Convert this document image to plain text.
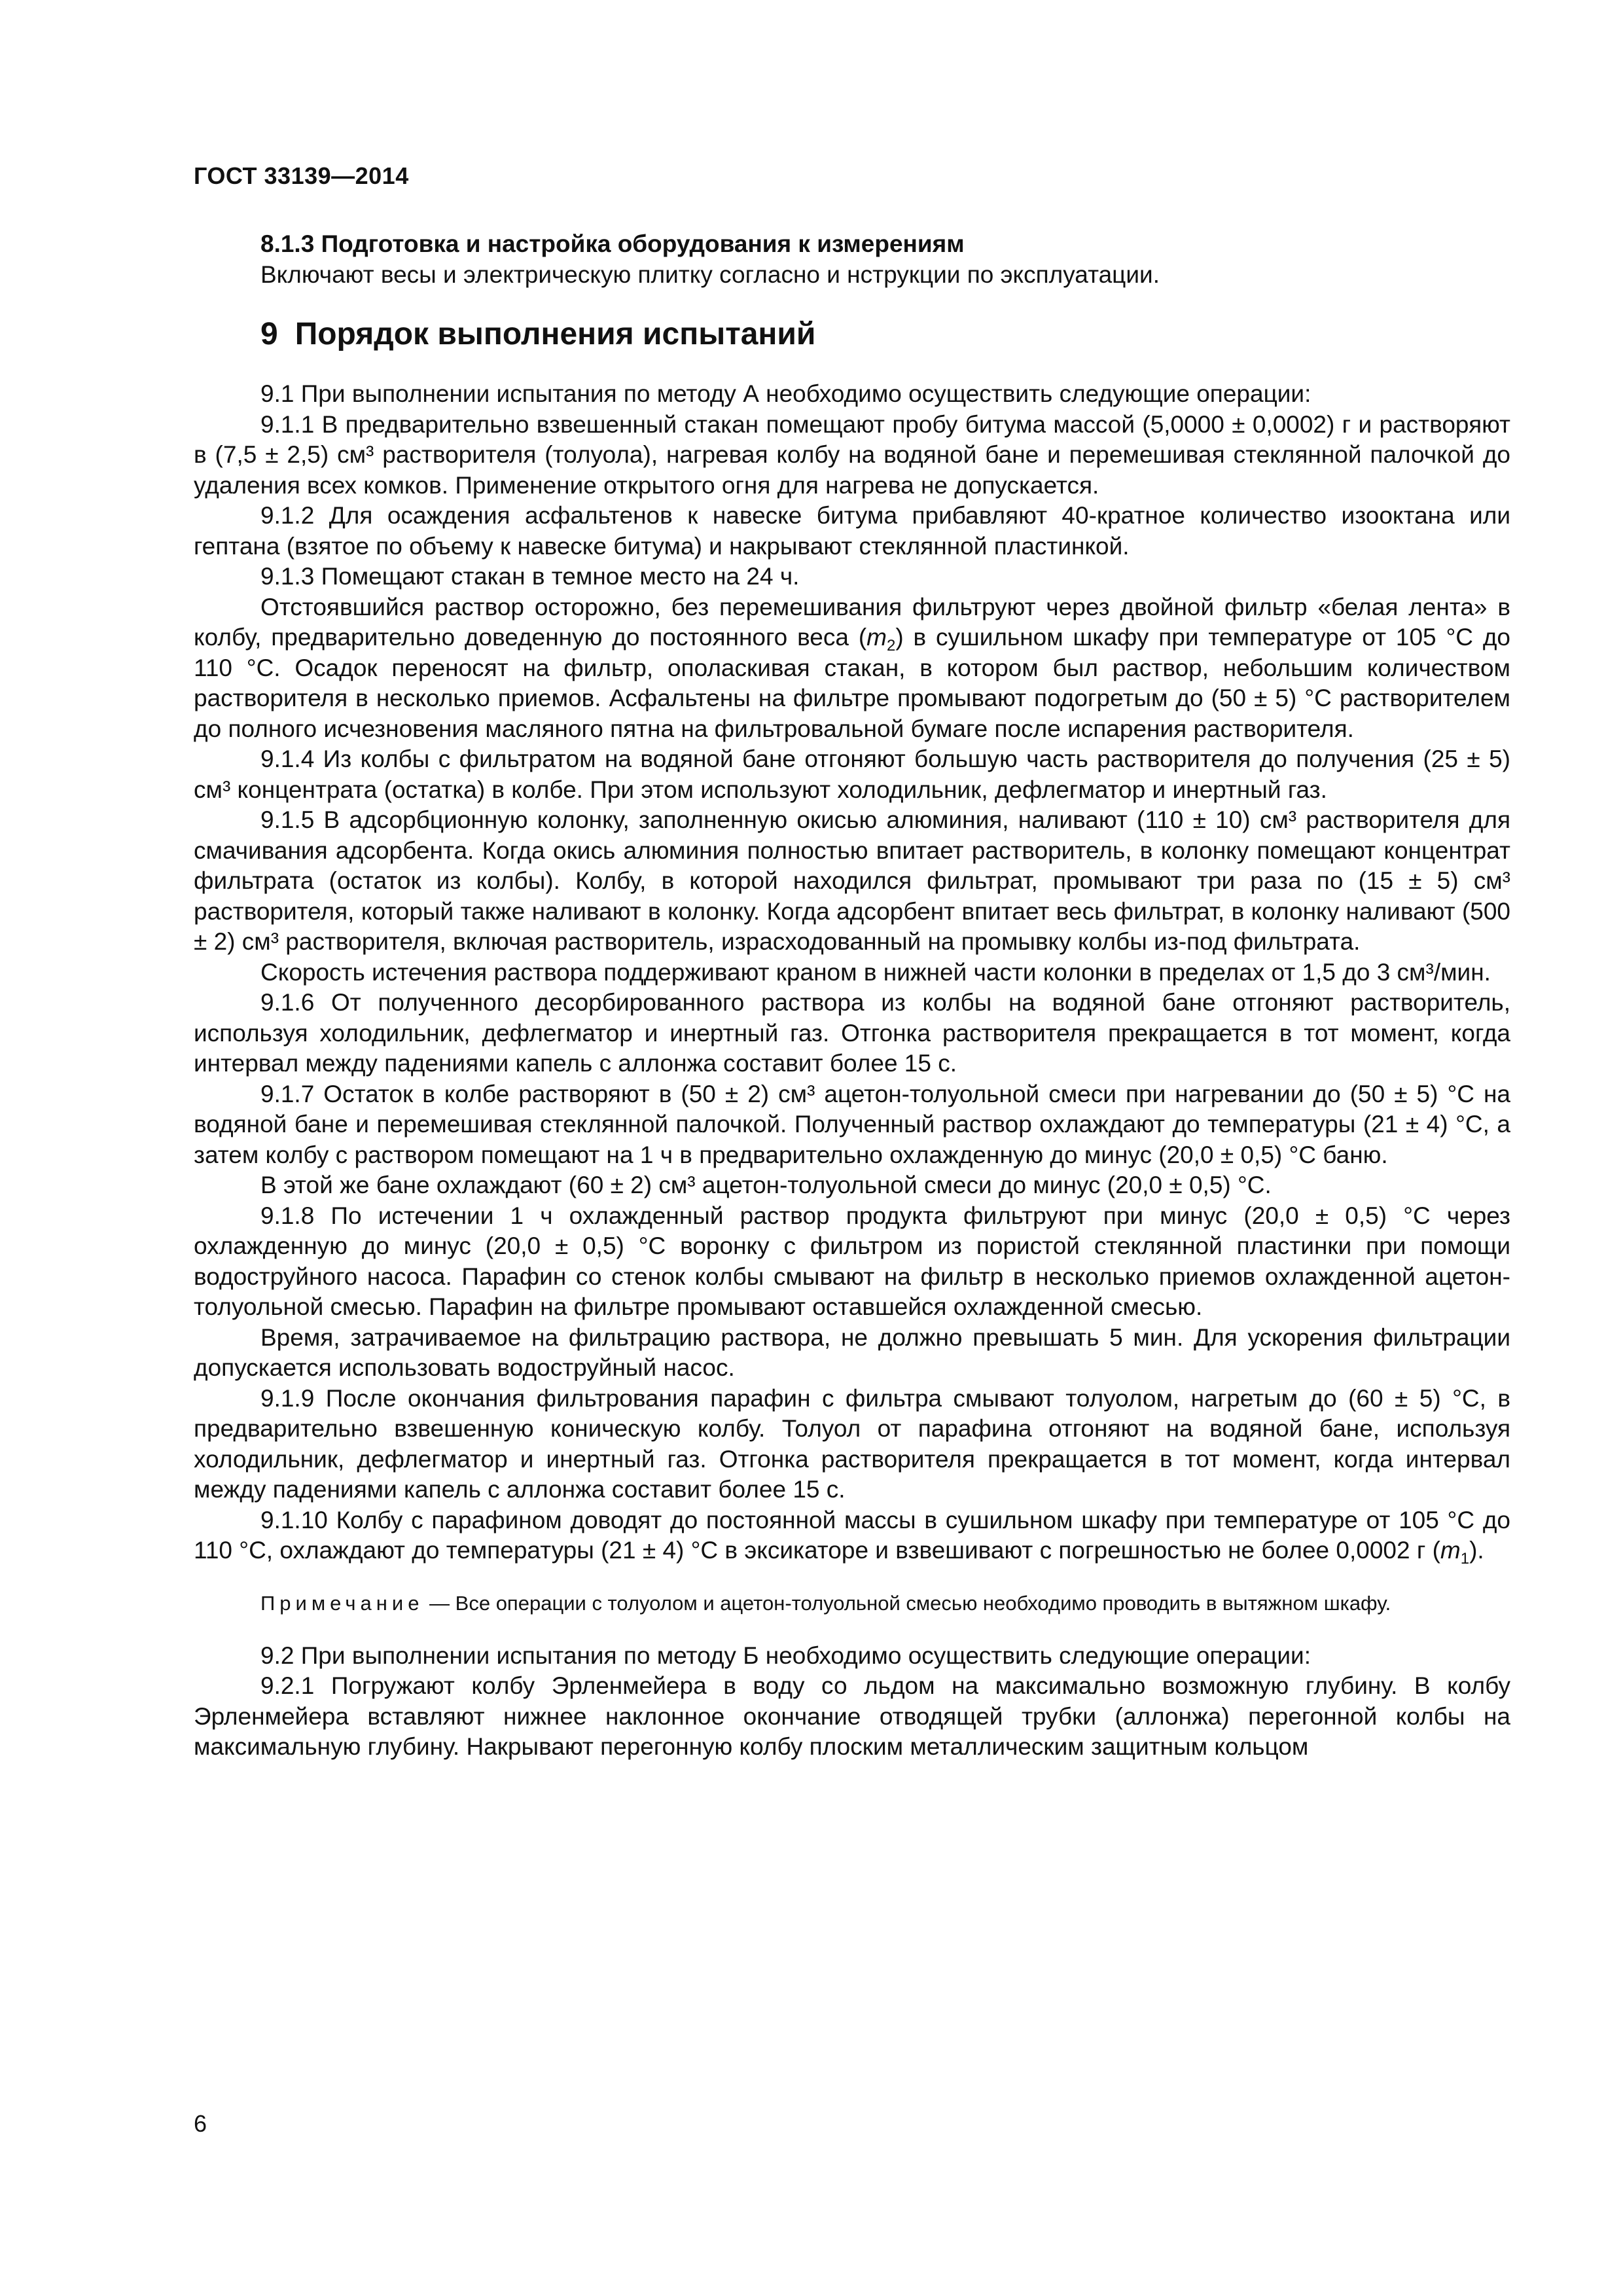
ГОСТ 33139—2014

8.1.3 Подготовка и настройка оборудования к измерениям

Включают весы и электрическую плитку согласно и нструкции по эксплуатации.

9 Порядок выполнения испытаний

9.1 При выполнении испытания по методу А необходимо осуществить следующие операции:

9.1.1 В предварительно взвешенный стакан помещают пробу битума массой (5,0000 ± 0,0002) г и растворяют в (7,5 ± 2,5) см³ растворителя (толуола), нагревая колбу на водяной бане и перемешивая стеклянной палочкой до удаления всех комков. Применение открытого огня для нагрева не допускается.

9.1.2 Для осаждения асфальтенов к навеске битума прибавляют 40-кратное количество изооктана или гептана (взятое по объему к навеске битума) и накрывают стеклянной пластинкой.

9.1.3 Помещают стакан в темное место на 24 ч.

Отстоявшийся раствор осторожно, без перемешивания фильтруют через двойной фильтр «белая лента» в колбу, предварительно доведенную до постоянного веса $(m_2)$ в сушильном шкафу при температуре от 105 °С до 110 °С. Осадок переносят на фильтр, ополаскивая стакан, в котором был раствор, небольшим количеством растворителя в несколько приемов. Асфальтены на фильтре промывают подогретым до (50 ± 5) °С растворителем до полного исчезновения масляного пятна на фильтровальной бумаге после испарения растворителя.

9.1.4 Из колбы с фильтратом на водяной бане отгоняют большую часть растворителя до получения (25 ± 5) см³ концентрата (остатка) в колбе. При этом используют холодильник, дефлегматор и инертный газ.

9.1.5 В адсорбционную колонку, заполненную окисью алюминия, наливают (110 ± 10) см³ растворителя для смачивания адсорбента. Когда окись алюминия полностью впитает растворитель, в колонку помещают концентрат фильтрата (остаток из колбы). Колбу, в которой находился фильтрат, промывают три раза по (15 ± 5) см³ растворителя, который также наливают в колонку. Когда адсорбент впитает весь фильтрат, в колонку наливают (500 ± 2) см³ растворителя, включая растворитель, израсходованный на промывку колбы из-под фильтрата.

Скорость истечения раствора поддерживают краном в нижней части колонки в пределах от 1,5 до 3 см³/мин.

9.1.6 От полученного десорбированного раствора из колбы на водяной бане отгоняют растворитель, используя холодильник, дефлегматор и инертный газ. Отгонка растворителя прекращается в тот момент, когда интервал между падениями капель с аллонжа составит более 15 с.

9.1.7 Остаток в колбе растворяют в (50 ± 2) см³ ацетон-толуольной смеси при нагревании до (50 ± 5) °С на водяной бане и перемешивая стеклянной палочкой. Полученный раствор охлаждают до температуры (21 ± 4) °С, а затем колбу с раствором помещают на 1 ч в предварительно охлажденную до минус (20,0 ± 0,5) °С баню.

В этой же бане охлаждают (60 ± 2) см³ ацетон-толуольной смеси до минус (20,0 ± 0,5) °С.

9.1.8 По истечении 1 ч охлажденный раствор продукта фильтруют при минус (20,0 ± 0,5) °С через охлажденную до минус (20,0 ± 0,5) °С воронку с фильтром из пористой стеклянной пластинки при помощи водоструйного насоса. Парафин со стенок колбы смывают на фильтр в несколько приемов охлажденной ацетон-толуольной смесью. Парафин на фильтре промывают оставшейся охлажденной смесью.

Время, затрачиваемое на фильтрацию раствора, не должно превышать 5 мин. Для ускорения фильтрации допускается использовать водоструйный насос.

9.1.9 После окончания фильтрования парафин с фильтра смывают толуолом, нагретым до (60 ± 5) °С, в предварительно взвешенную коническую колбу. Толуол от парафина отгоняют на водяной бане, используя холодильник, дефлегматор и инертный газ. Отгонка растворителя прекращается в тот момент, когда интервал между падениями капель с аллонжа составит более 15 с.

9.1.10 Колбу с парафином доводят до постоянной массы в сушильном шкафу при температуре от 105 °С до 110 °С, охлаждают до температуры (21 ± 4) °С в эксикаторе и взвешивают с погрешностью не более 0,0002 г $(m_1)$.

Примечание — Все операции с толуолом и ацетон-толуольной смесью необходимо проводить в вытяжном шкафу.

9.2 При выполнении испытания по методу Б необходимо осуществить следующие операции:

9.2.1 Погружают колбу Эрленмейера в воду со льдом на максимально возможную глубину. В колбу Эрленмейера вставляют нижнее наклонное окончание отводящей трубки (аллонжа) перегонной колбы на максимальную глубину. Накрывают перегонную колбу плоским металлическим защитным кольцом

6
